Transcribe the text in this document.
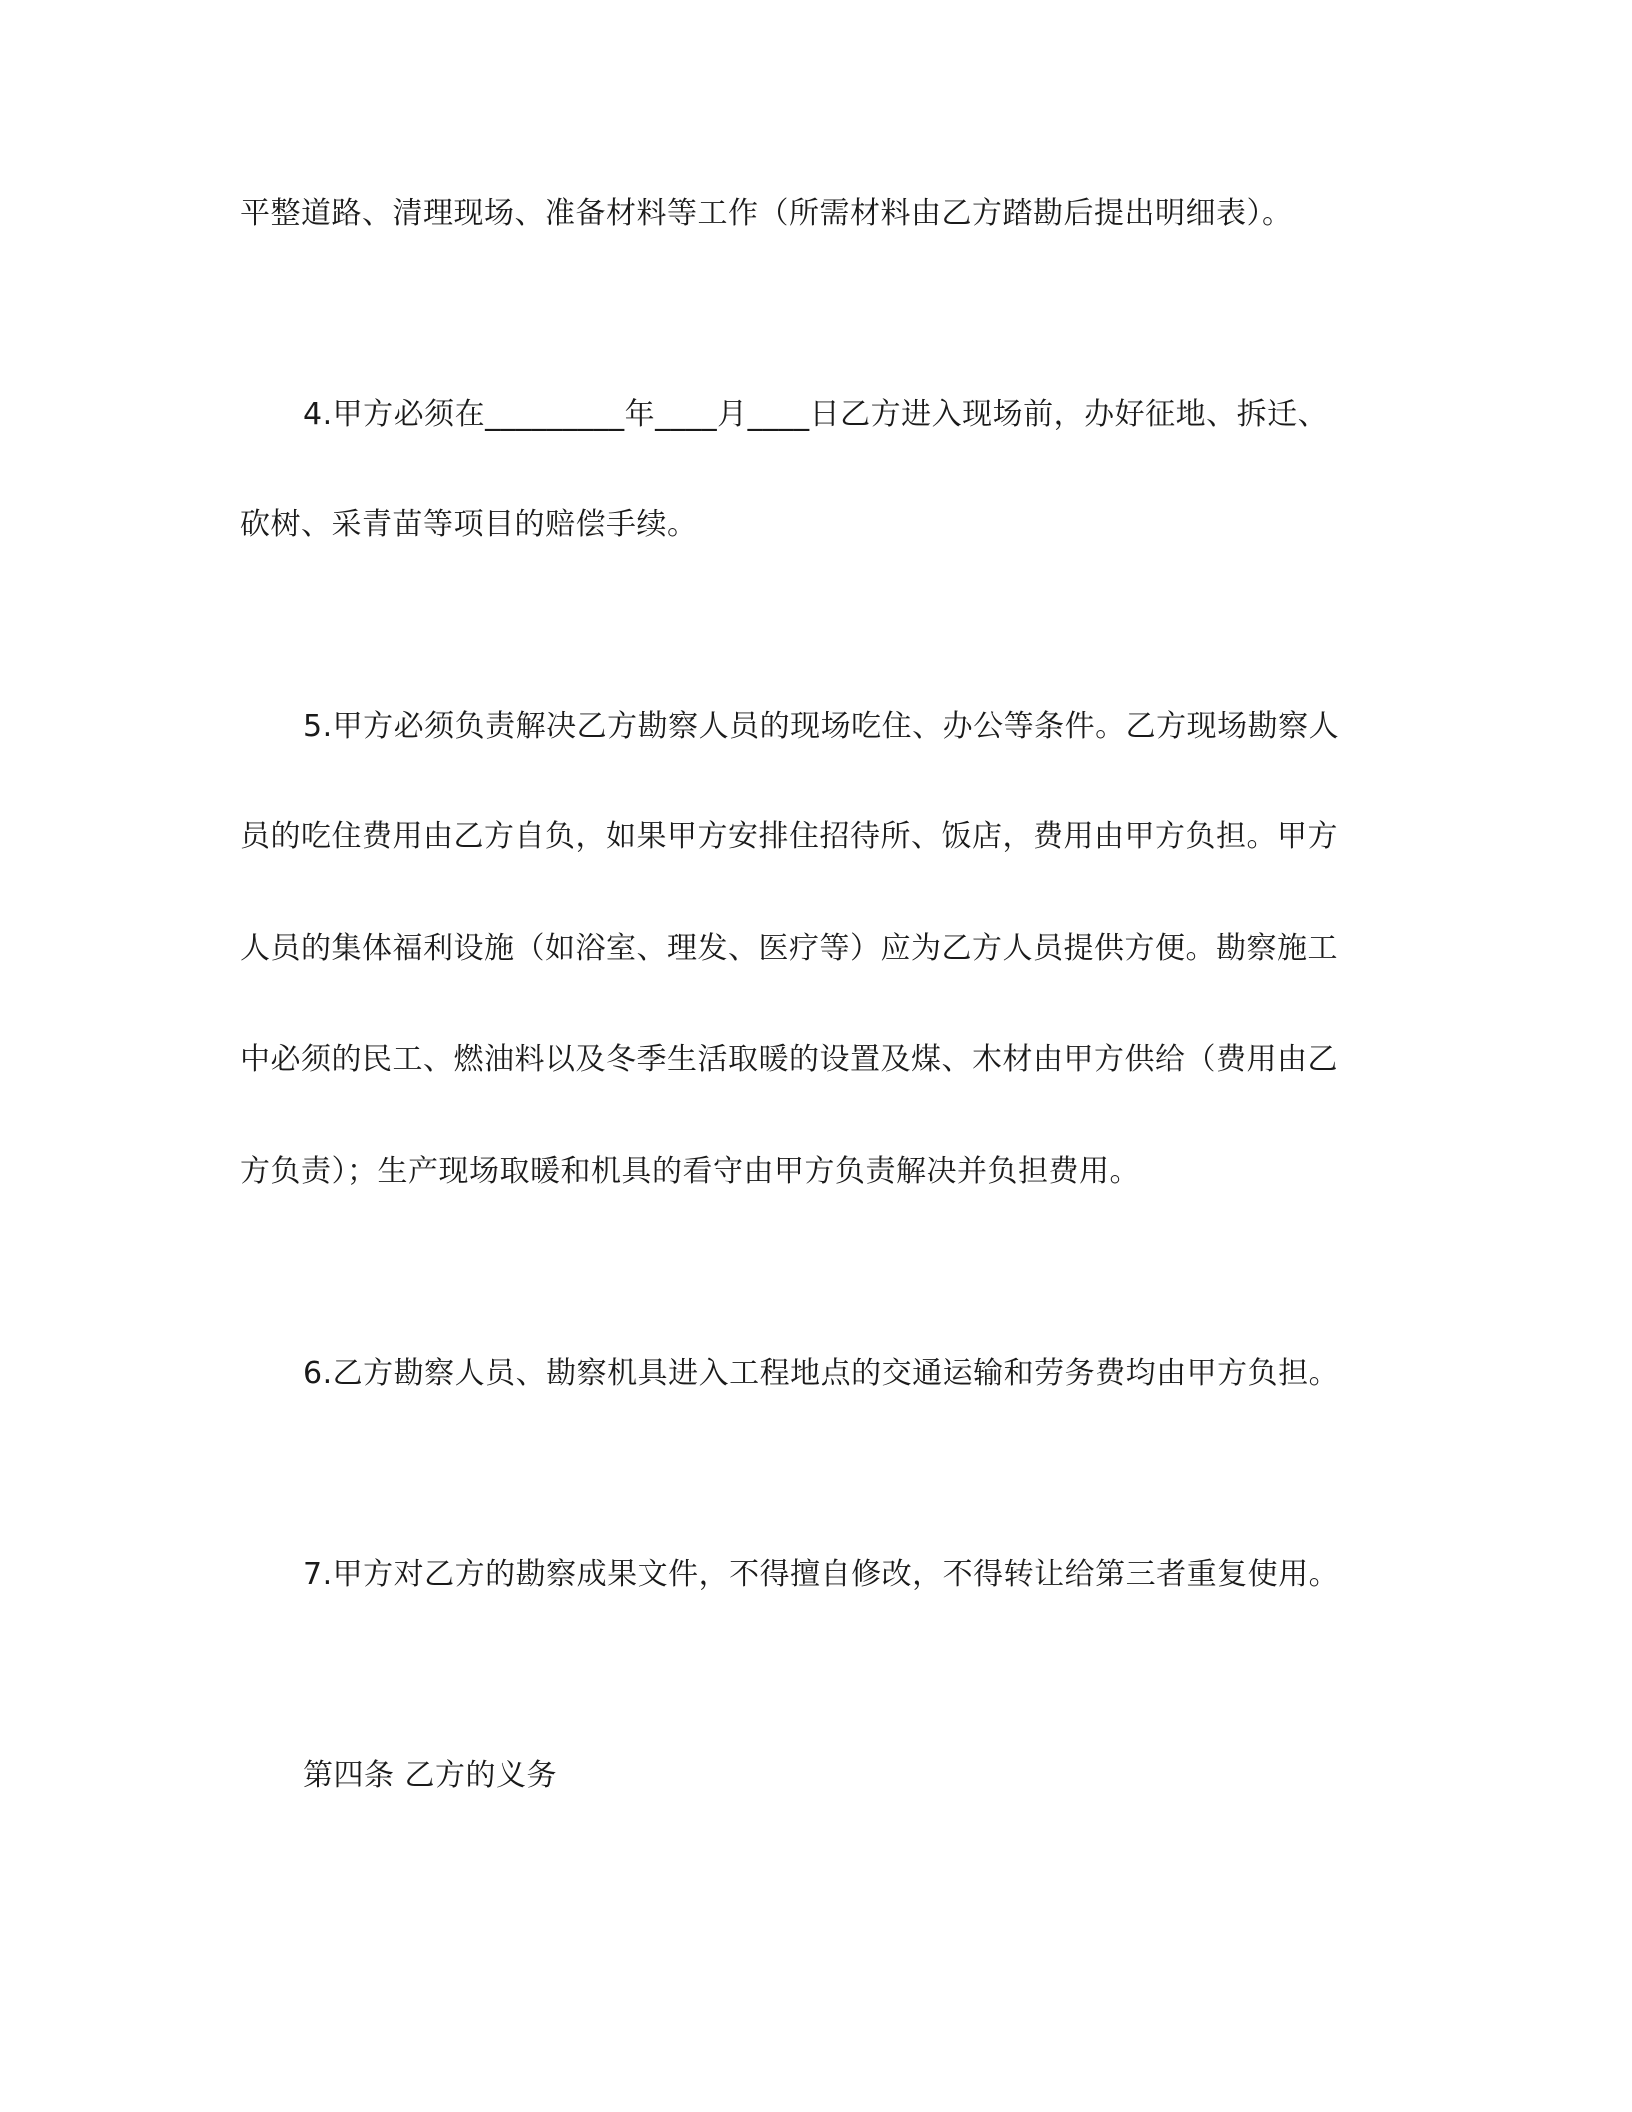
平整道路、清理现场、准备材料等工作（所需材料由乙方踏勘后提出明细表）。
4.甲方必须在_________年____月____日乙方进入现场前，办好征地、拆迁、
砍树、采青苗等项目的赔偿手续。
5.甲方必须负责解决乙方勘察人员的现场吃住、办公等条件。乙方现场勘察人
员的吃住费用由乙方自负，如果甲方安排住招待所、饭店，费用由甲方负担。甲方
人员的集体福利设施（如浴室、理发、医疗等）应为乙方人员提供方便。勘察施工
中必须的民工、燃油料以及冬季生活取暖的设置及煤、木材由甲方供给（费用由乙
方负责）；生产现场取暖和机具的看守由甲方负责解决并负担费用。
6.乙方勘察人员、勘察机具进入工程地点的交通运输和劳务费均由甲方负担。
7.甲方对乙方的勘察成果文件，不得擅自修改，不得转让给第三者重复使用。
第四条 乙方的义务
